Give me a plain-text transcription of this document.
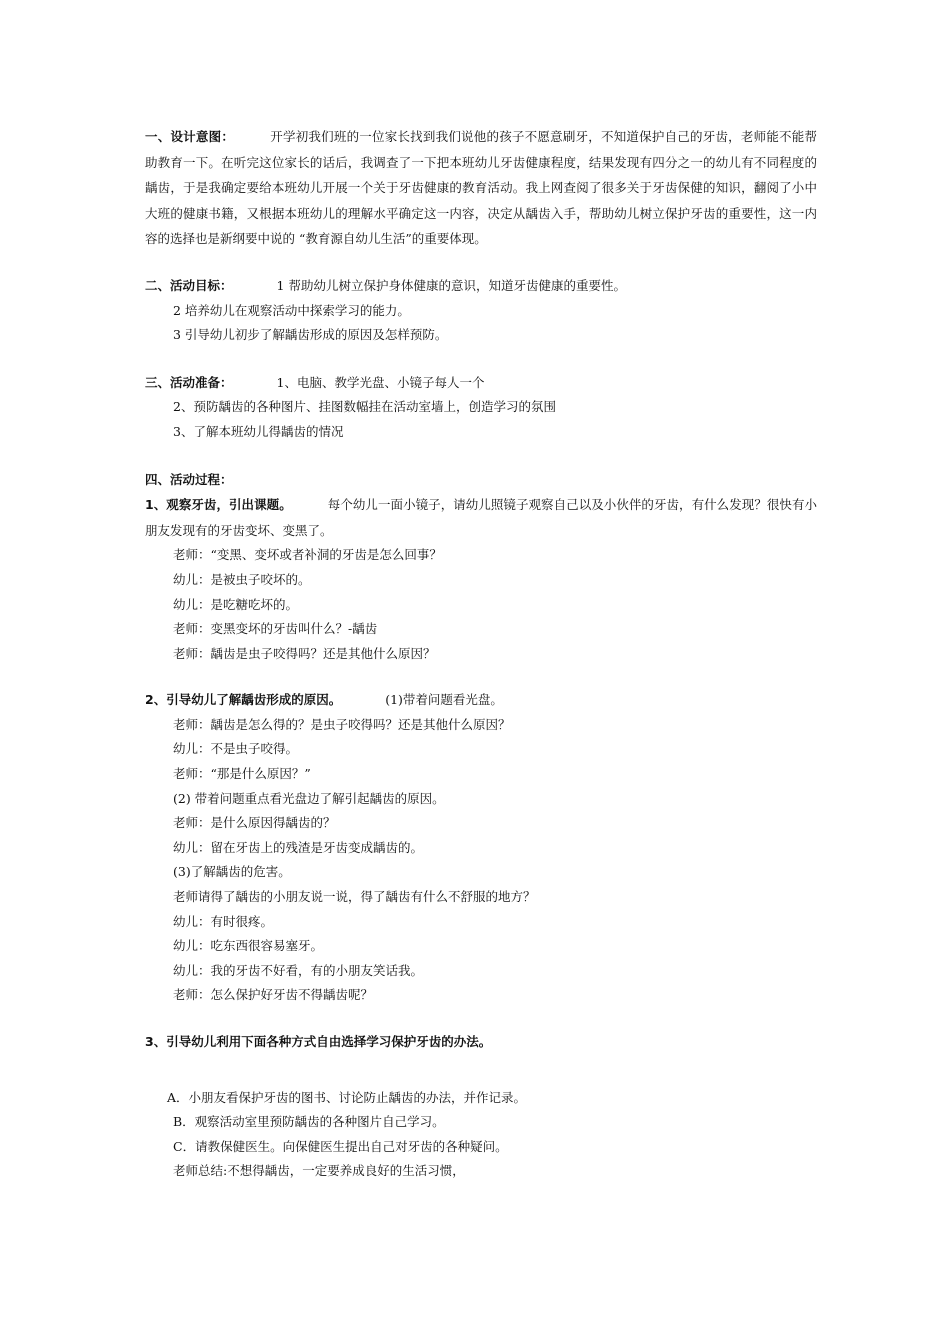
一、设计意图：	开学初我们班的一位家长找到我们说他的孩子不愿意刷牙，不知道保护自己的牙齿，老师能不能帮助教育一下。在听完这位家长的话后，我调查了一下把本班幼儿牙齿健康程度，结果发现有四分之一的幼儿有不同程度的龋齿，于是我确定要给本班幼儿开展一个关于牙齿健康的教育活动。我上网查阅了很多关于牙齿保健的知识，翻阅了小中大班的健康书籍，又根据本班幼儿的理解水平确定这一内容，决定从龋齿入手，帮助幼儿树立保护牙齿的重要性，这一内容的选择也是新纲要中说的 “教育源自幼儿生活”的重要体现。

二、活动目标：	1 帮助幼儿树立保护身体健康的意识，知道牙齿健康的重要性。

2 培养幼儿在观察活动中探索学习的能力。

3 引导幼儿初步了解龋齿形成的原因及怎样预防。

三、活动准备：	1、电脑、教学光盘、小镜子每人一个

2、预防龋齿的各种图片、挂图数幅挂在活动室墙上，创造学习的氛围

3、了解本班幼儿得龋齿的情况

四、活动过程：

1、观察牙齿，引出课题。	每个幼儿一面小镜子，请幼儿照镜子观察自己以及小伙伴的牙齿，有什么发现？很快有小朋友发现有的牙齿变坏、变黑了。

老师：“变黑、变坏或者补洞的牙齿是怎么回事？

幼儿：是被虫子咬坏的。

幼儿：是吃糖吃坏的。

老师：变黑变坏的牙齿叫什么？-龋齿

老师：龋齿是虫子咬得吗？还是其他什么原因？

2、引导幼儿了解龋齿形成的原因。	(1)带着问题看光盘。

老师：龋齿是怎么得的？是虫子咬得吗？还是其他什么原因？

幼儿：不是虫子咬得。

老师：“那是什么原因？”

(2) 带着问题重点看光盘边了解引起龋齿的原因。

老师：是什么原因得龋齿的？

幼儿：留在牙齿上的残渣是牙齿变成龋齿的。

(3)了解龋齿的危害。

老师请得了龋齿的小朋友说一说，得了龋齿有什么不舒服的地方？

幼儿：有时很疼。

幼儿：吃东西很容易塞牙。

幼儿：我的牙齿不好看，有的小朋友笑话我。

老师：怎么保护好牙齿不得龋齿呢？

3、引导幼儿利用下面各种方式自由选择学习保护牙齿的办法。

A．小朋友看保护牙齿的图书、讨论防止龋齿的办法，并作记录。

B．观察活动室里预防龋齿的各种图片自己学习。

C．请教保健医生。向保健医生提出自己对牙齿的各种疑问。

老师总结:不想得龋齿，一定要养成良好的生活习惯，
